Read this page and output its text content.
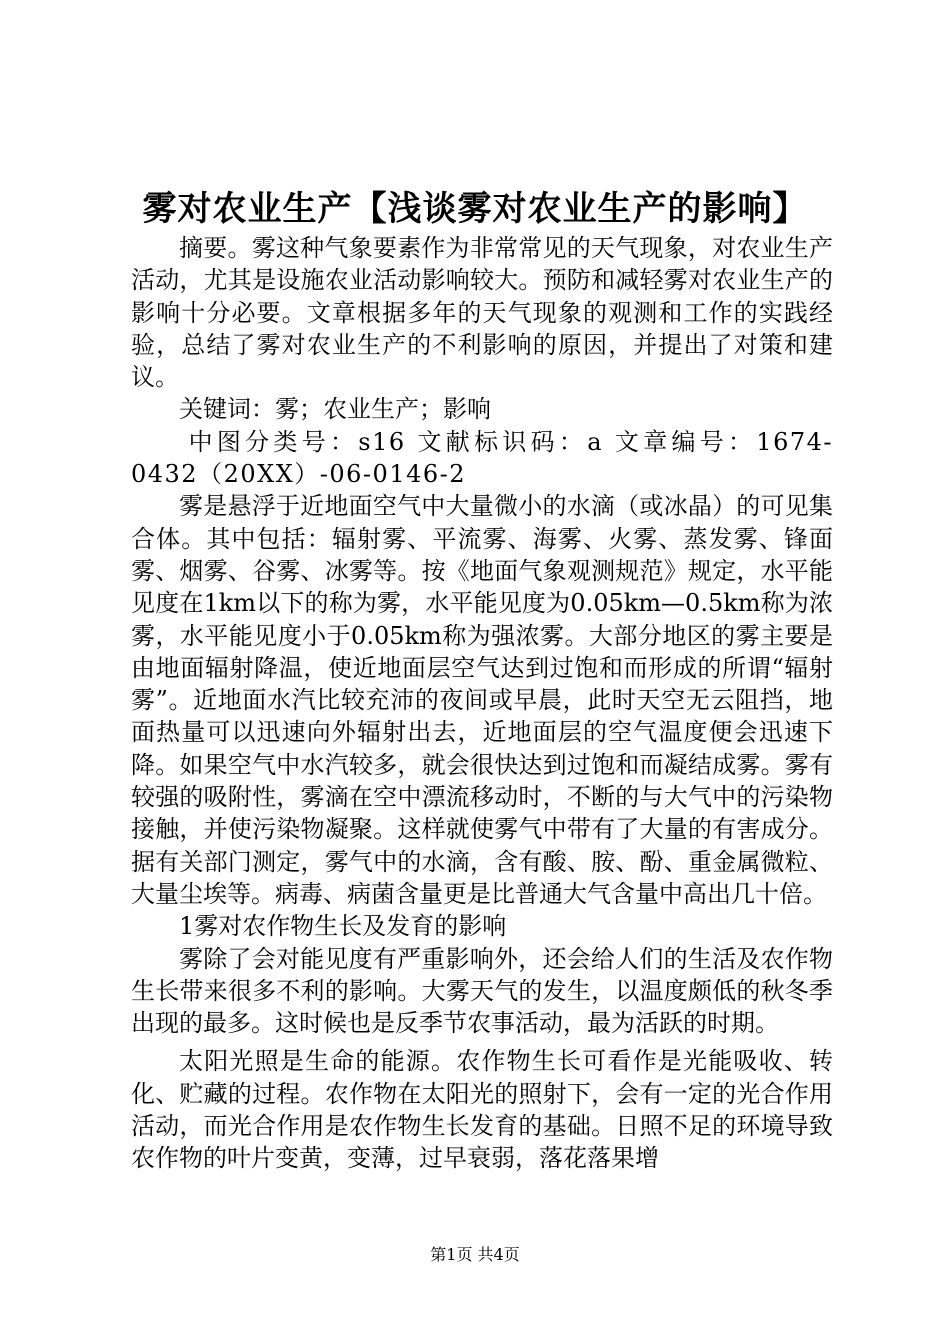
雾对农业生产【浅谈雾对农业生产的影响】

摘要。雾这种气象要素作为非常常见的天气现象，对农业生产活动，尤其是设施农业活动影响较大。预防和减轻雾对农业生产的影响十分必要。文章根据多年的天气现象的观测和工作的实践经验，总结了雾对农业生产的不利影响的原因，并提出了对策和建议。

关键词：雾；农业生产；影响

中图分类号：s16 文献标识码：a 文章编号：1674-0432（20XX）-06-0146-2

雾是悬浮于近地面空气中大量微小的水滴（或冰晶）的可见集合体。其中包括：辐射雾、平流雾、海雾、火雾、蒸发雾、锋面雾、烟雾、谷雾、冰雾等。按《地面气象观测规范》规定，水平能见度在1km以下的称为雾，水平能见度为0.05km—0.5km称为浓雾，水平能见度小于0.05km称为强浓雾。大部分地区的雾主要是由地面辐射降温，使近地面层空气达到过饱和而形成的所谓“辐射雾”。近地面水汽比较充沛的夜间或早晨，此时天空无云阻挡，地面热量可以迅速向外辐射出去，近地面层的空气温度便会迅速下降。如果空气中水汽较多，就会很快达到过饱和而凝结成雾。雾有较强的吸附性，雾滴在空中漂流移动时，不断的与大气中的污染物接触，并使污染物凝聚。这样就使雾气中带有了大量的有害成分。据有关部门测定，雾气中的水滴，含有酸、胺、酚、重金属微粒、大量尘埃等。病毒、病菌含量更是比普通大气含量中高出几十倍。

1雾对农作物生长及发育的影响

雾除了会对能见度有严重影响外，还会给人们的生活及农作物生长带来很多不利的影响。大雾天气的发生，以温度颇低的秋冬季出现的最多。这时候也是反季节农事活动，最为活跃的时期。

太阳光照是生命的能源。农作物生长可看作是光能吸收、转化、贮藏的过程。农作物在太阳光的照射下，会有一定的光合作用活动，而光合作用是农作物生长发育的基础。日照不足的环境导致农作物的叶片变黄，变薄，过早衰弱，落花落果增

第1页 共4页
